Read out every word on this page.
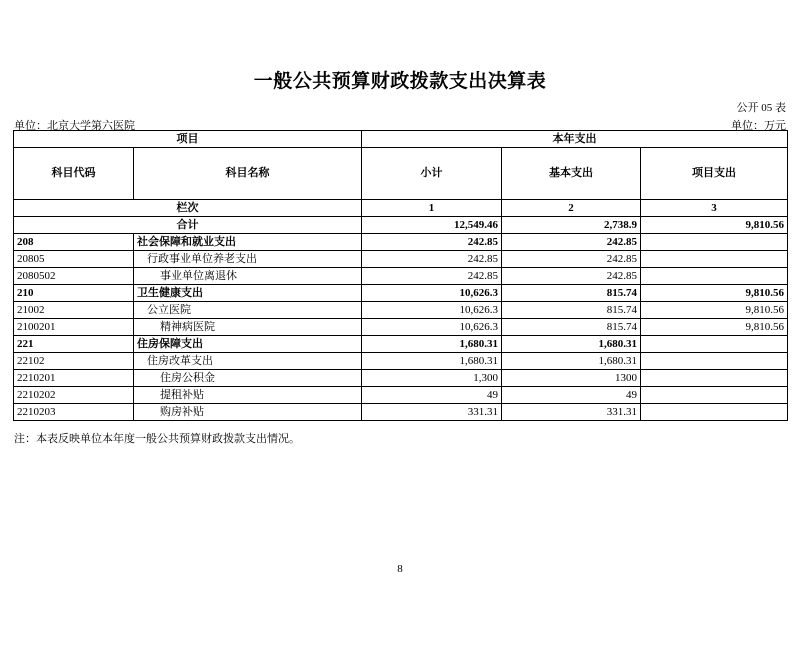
一般公共预算财政拨款支出决算表
公开 05 表
单位：北京大学第六医院	单位：万元
项目		本年支出		
科目代码	科目名称	小计	基本支出	项目支出
栏次		1	2	3
合计		12,549.46	2,738.9	9,810.56
208	社会保障和就业支出	242.85	242.85	
20805	行政事业单位养老支出	242.85	242.85	
2080502	事业单位离退休	242.85	242.85	
210	卫生健康支出	10,626.3	815.74	9,810.56
21002	公立医院	10,626.3	815.74	9,810.56
2100201	精神病医院	10,626.3	815.74	9,810.56
221	住房保障支出	1,680.31	1,680.31	
22102	住房改革支出	1,680.31	1,680.31	
2210201	住房公积金	1,300	1300	
2210202	提租补贴	49	49	
2210203	购房补贴	331.31	331.31	
注：本表反映单位本年度一般公共预算财政拨款支出情况。
8
